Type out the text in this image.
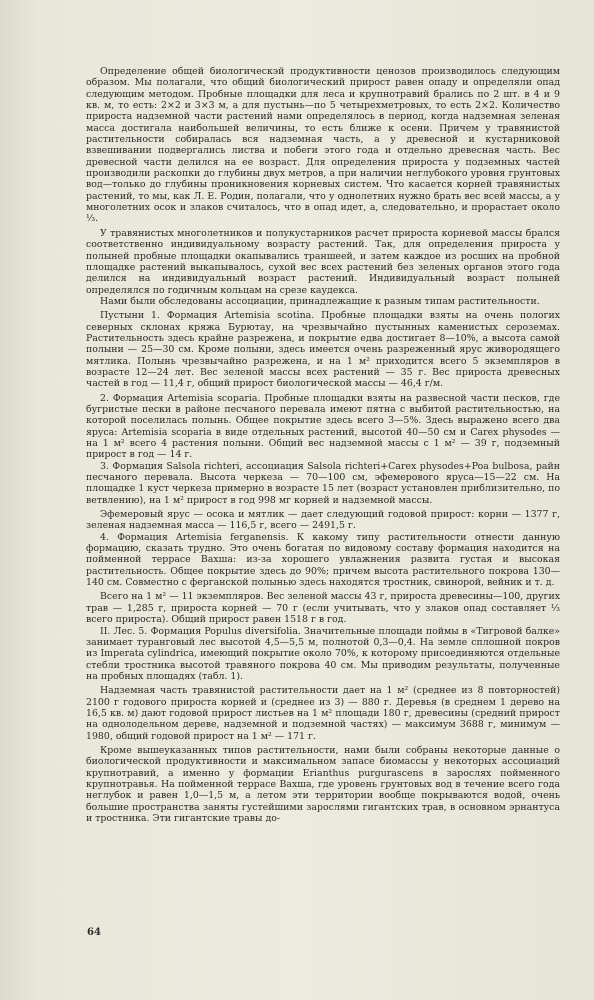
Определение общей биологическэй продуктивности ценозов производилось следующим образом. Мы полагали, что общий биологический прирост равен опаду и определяли опад следующим методом. Пробные площадки для леса и крупнотравий брались по 2 шт. в 4 и 9 кв. м, то есть: 2×2 и 3×3 м, а для пустынь—по 5 четырехметровых, то есть 2×2. Количество прироста надземной части растений нами определялось в период, когда надземная зеленая масса достигала наибольшей величины, то есть ближе к осени. Причем у травянистой растительности собиралась вся надземная часть, а у древесной и кустарниковой взвешивании подвергались листва и побеги этого года и отдельно древесная часть. Вес древесной части делился на ее возраст. Для определения прироста у подземных частей производили раскопки до глубины двух метров, а при наличии неглубокого уровня грунтовых вод—только до глубины проникновения корневых систем. Что касается корней травянистых растений, то мы, как Л. Е. Родин, полагали, что у однолетних нужно брать вес всей массы, а у многолетних осок и злаков считалось, что в опад идет, а, следовательно, и прорастает около ⅓.

У травянистых многолетников и полукустарников расчет прироста корневой массы брался соответственно индивидуальному возрасту растений. Так, для определения прироста у полыней пробные площадки окапывались траншеей, и затем каждое из росших на пробной площадке растений выкапывалось, сухой вес всех растений без зеленых органов этого года делился на индивидуальный возраст растений. Индивидуальный возраст полыней определялся по годичным кольцам на срезе каудекса.

Нами были обследованы ассоциации, принадлежащие к разным типам растительности.

Пустыни 1. Формация Artemisia scotina. Пробные площадки взяты на очень пологих северных склонах кряжа Бурютау, на чрезвычайно пустынных каменистых сероземах. Растительность здесь крайне разрежена, и покрытие едва достигает 8—10%, а высота самой полыни — 25—30 см. Кроме полыни, здесь имеется очень разреженный ярус живородящего мятлика. Полынь чрезвычайно разрежена, и на 1 м² приходится всего 5 экземпляров в возрасте 12—24 лет. Вес зеленой массы всех растений — 35 г. Вес прироста древесных частей в год — 11,4 г, общий прирост биологической массы — 46,4 г/м.

2. Формация Artemisia scoparia. Пробные площадки взяты на развесной части песков, где бугристые пески в районе песчаного перевала имеют пятна с выбитой растительностью, на которой поселилась полынь. Общее покрытие здесь всего 3—5%. Здесь выражено всего два яруса: Artemisia scoparia в виде отдельных растений, высотой 40—50 см и Carex physodes — на 1 м² всего 4 растения полыни. Общий вес надземной массы с 1 м² — 39 г, подземный прирост в год — 14 г.

3. Формация Salsola richteri, ассоциация Salsola richteri+Carex physodes+Poa bulbosa, райн песчаного перевала. Высота черкеза — 70—100 см, эфемерового яруса—15—22 см. На площадке 1 куст черкеза примерно в возрасте 15 лет (возраст установлен приблизительно, по ветвлению), на 1 м² прирост в год 998 мг корней и надземной массы.

Эфемеровый ярус — осока и мятлик — дает следующий годовой прирост: корни — 1377 г, зеленая надземная масса — 116,5 г, всего — 2491,5 г.

4. Формация Artemisia ferganensis. К какому типу растительности отнести данную формацию, сказать трудно. Это очень богатая по видовому составу формация находится на пойменной террасе Вахша: из-за хорошего увлажнения развита густая и высокая растительность. Общее покрытие здесь до 90%; причем высота растительного покрова 130—140 см. Совместно с ферганской полынью здесь находятся тростник, свинорой, вейник и т. д.

Всего на 1 м² — 11 экземпляров. Вес зеленой массы 43 г, прироста древесины—100, других трав — 1,285 г, прироста корней — 70 г (если учитывать, что у злаков опад составляет ⅓ всего прироста). Общий прирост равен 1518 г в год.

II. Лес. 5. Формация Populus diversifolia. Значительные площади поймы в «Тигровой балке» занимает туранговый лес высотой 4,5—5,5 м, полнотой 0,3—0,4. На земле сплошной покров из Imperata cylindrica, имеющий покрытие около 70%, к которому присоединяются отдельные стебли тростника высотой травяного покрова 40 см. Мы приводим результаты, полученные на пробных площадях (табл. 1).

Надземная часть травянистой растительности дает на 1 м² (среднее из 8 повторностей) 2100 г годового прироста корней и (среднее из 3) — 880 г. Деревья (в среднем 1 дерево на 16,5 кв. м) дают годовой прирост листьев на 1 м² площади 180 г, древесины (средний прирост на однолодельном дереве, надземной и подземной частях) — максимум 3688 г, минимум — 1980, общий годовой прирост на 1 м² — 171 г.

Кроме вышеуказанных типов растительности, нами были собраны некоторые данные о биологической продуктивности и максимальном запасе биомассы у некоторых ассоциаций крупнотравий, а именно у формации Erianthus purgurascens в зарослях пойменного крупнотравья. На пойменной террасе Вахша, где уровень грунтовых вод в течение всего года неглубок и равен 1,0—1,5 м, а летом эти территории вообще покрываются водой, очень большие пространства заняты густейшими зарослями гигантских трав, в основном эрнантуса и тростника. Эти гигантские травы до-

64
